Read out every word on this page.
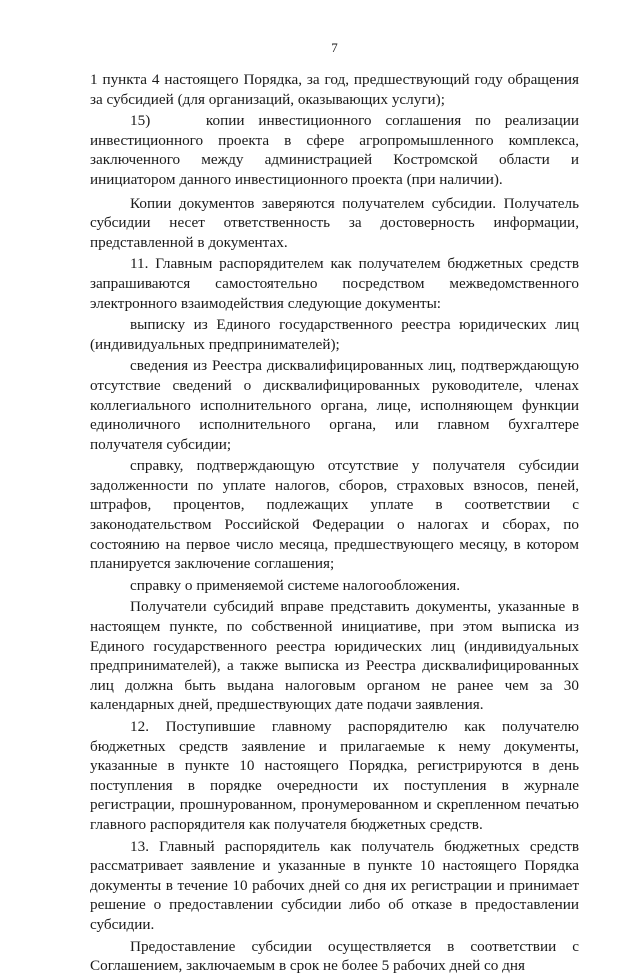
7

1 пункта 4 настоящего Порядка, за год, предшествующий году обращения за субсидией (для организаций, оказывающих услуги);

15)    копии инвестиционного соглашения по реализации инвестиционного проекта в сфере агропромышленного комплекса, заключенного между администрацией Костромской области и инициатором данного инвестиционного проекта (при наличии).

Копии документов заверяются получателем субсидии. Получатель субсидии несет ответственность за достоверность информации, представленной в документах.

11. Главным распорядителем как получателем бюджетных средств запрашиваются самостоятельно посредством межведомственного электронного взаимодействия следующие документы:

выписку из Единого государственного реестра юридических лиц (индивидуальных предпринимателей);

сведения из Реестра дисквалифицированных лиц, подтверждающую отсутствие сведений о дисквалифицированных руководителе, членах коллегиального исполнительного органа, лице, исполняющем функции единоличного исполнительного органа, или главном бухгалтере получателя субсидии;

справку, подтверждающую отсутствие у получателя субсидии задолженности по уплате налогов, сборов, страховых взносов, пеней, штрафов, процентов, подлежащих уплате в соответствии с законодательством Российской Федерации о налогах и сборах, по состоянию на первое число месяца, предшествующего месяцу, в котором планируется заключение соглашения;

справку о применяемой системе налогообложения.

Получатели субсидий вправе представить документы, указанные в настоящем пункте, по собственной инициативе, при этом выписка из Единого государственного реестра юридических лиц (индивидуальных предпринимателей), а также выписка из Реестра дисквалифицированных лиц должна быть выдана налоговым органом не ранее чем за 30 календарных дней, предшествующих дате подачи заявления.

12. Поступившие главному распорядителю как получателю бюджетных средств заявление и прилагаемые к нему документы, указанные в пункте 10 настоящего Порядка, регистрируются в день поступления в порядке очередности их поступления в журнале регистрации, прошнурованном, пронумерованном и скрепленном печатью главного распорядителя как получателя бюджетных средств.

13. Главный распорядитель как получатель бюджетных средств рассматривает заявление и указанные в пункте 10 настоящего Порядка документы в течение 10 рабочих дней со дня их регистрации и принимает решение о предоставлении субсидии либо об отказе в предоставлении субсидии.

Предоставление субсидии осуществляется в соответствии с Соглашением, заключаемым в срок не более 5 рабочих дней со дня
